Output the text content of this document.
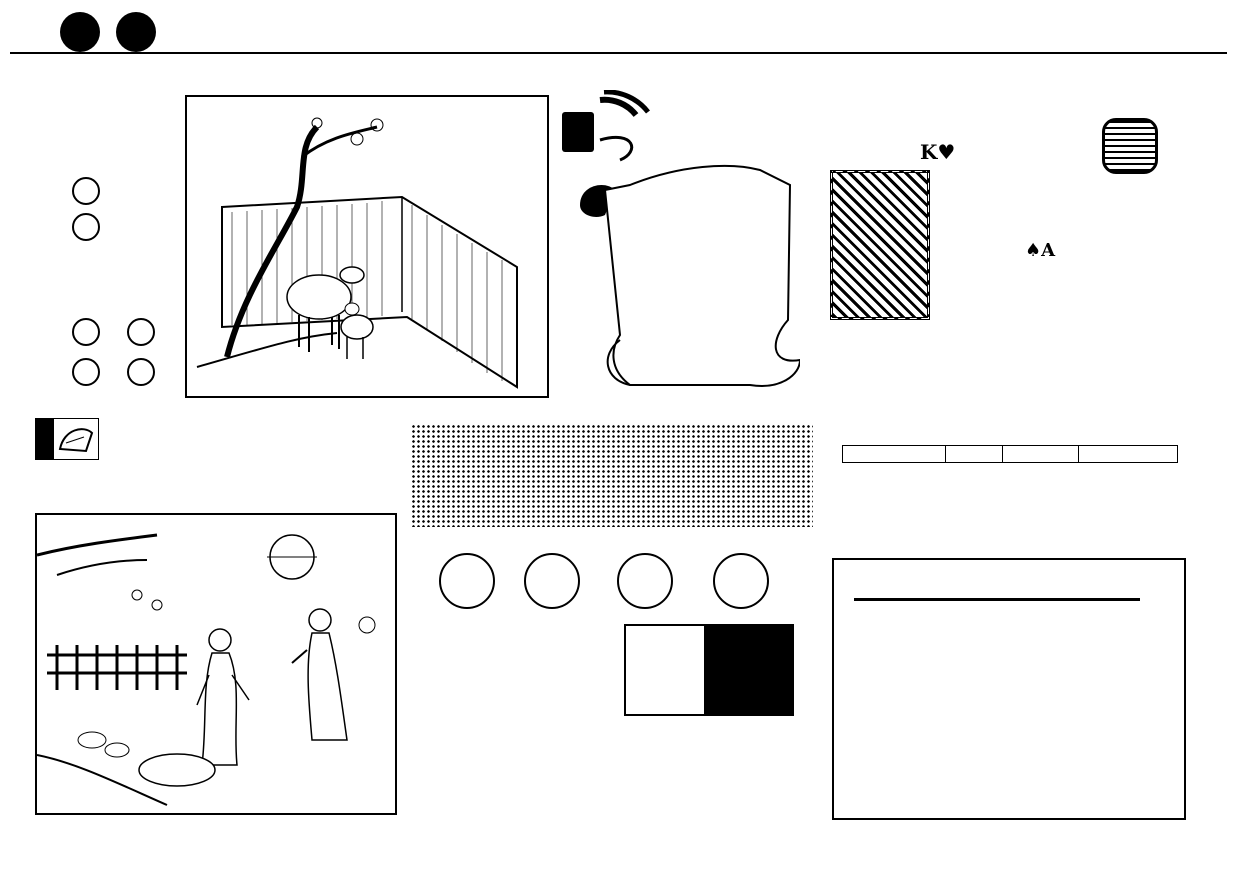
K♥
♠A
